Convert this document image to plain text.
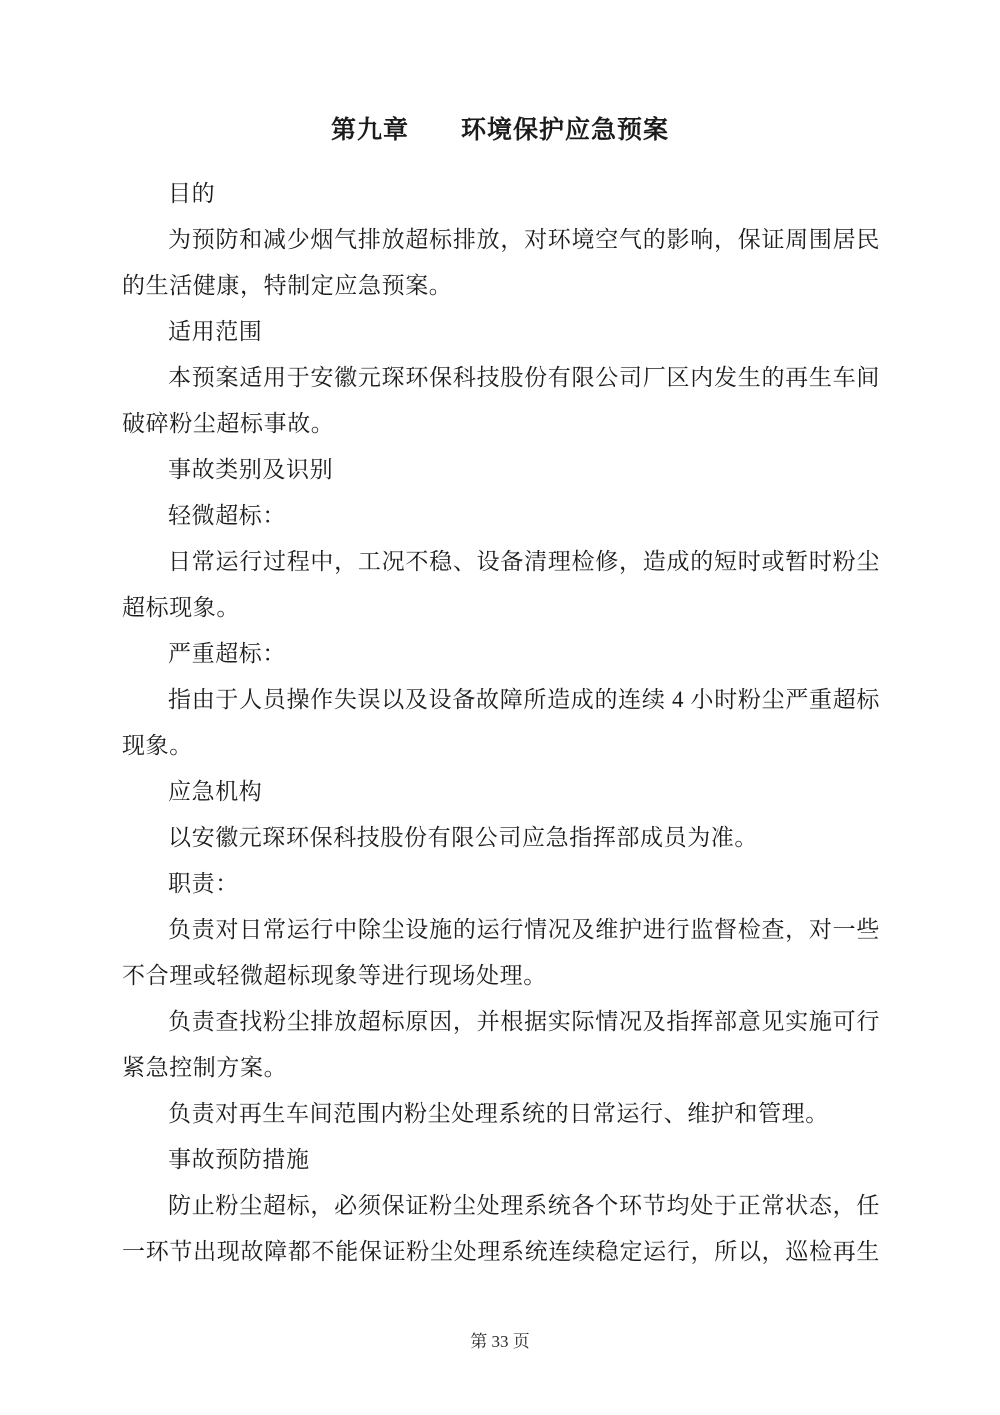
第九章　　环境保护应急预案
目的
为预防和减少烟气排放超标排放，对环境空气的影响，保证周围居民
的生活健康，特制定应急预案。
适用范围
本预案适用于安徽元琛环保科技股份有限公司厂区内发生的再生车间
破碎粉尘超标事故。
事故类别及识别
轻微超标：
日常运行过程中，工况不稳、设备清理检修，造成的短时或暂时粉尘
超标现象。
严重超标：
指由于人员操作失误以及设备故障所造成的连续 4 小时粉尘严重超标
现象。
应急机构
以安徽元琛环保科技股份有限公司应急指挥部成员为准。
职责：
负责对日常运行中除尘设施的运行情况及维护进行监督检查，对一些
不合理或轻微超标现象等进行现场处理。
负责查找粉尘排放超标原因，并根据实际情况及指挥部意见实施可行
紧急控制方案。
负责对再生车间范围内粉尘处理系统的日常运行、维护和管理。
事故预防措施
防止粉尘超标，必须保证粉尘处理系统各个环节均处于正常状态，任
一环节出现故障都不能保证粉尘处理系统连续稳定运行，所以，巡检再生
第 33 页
